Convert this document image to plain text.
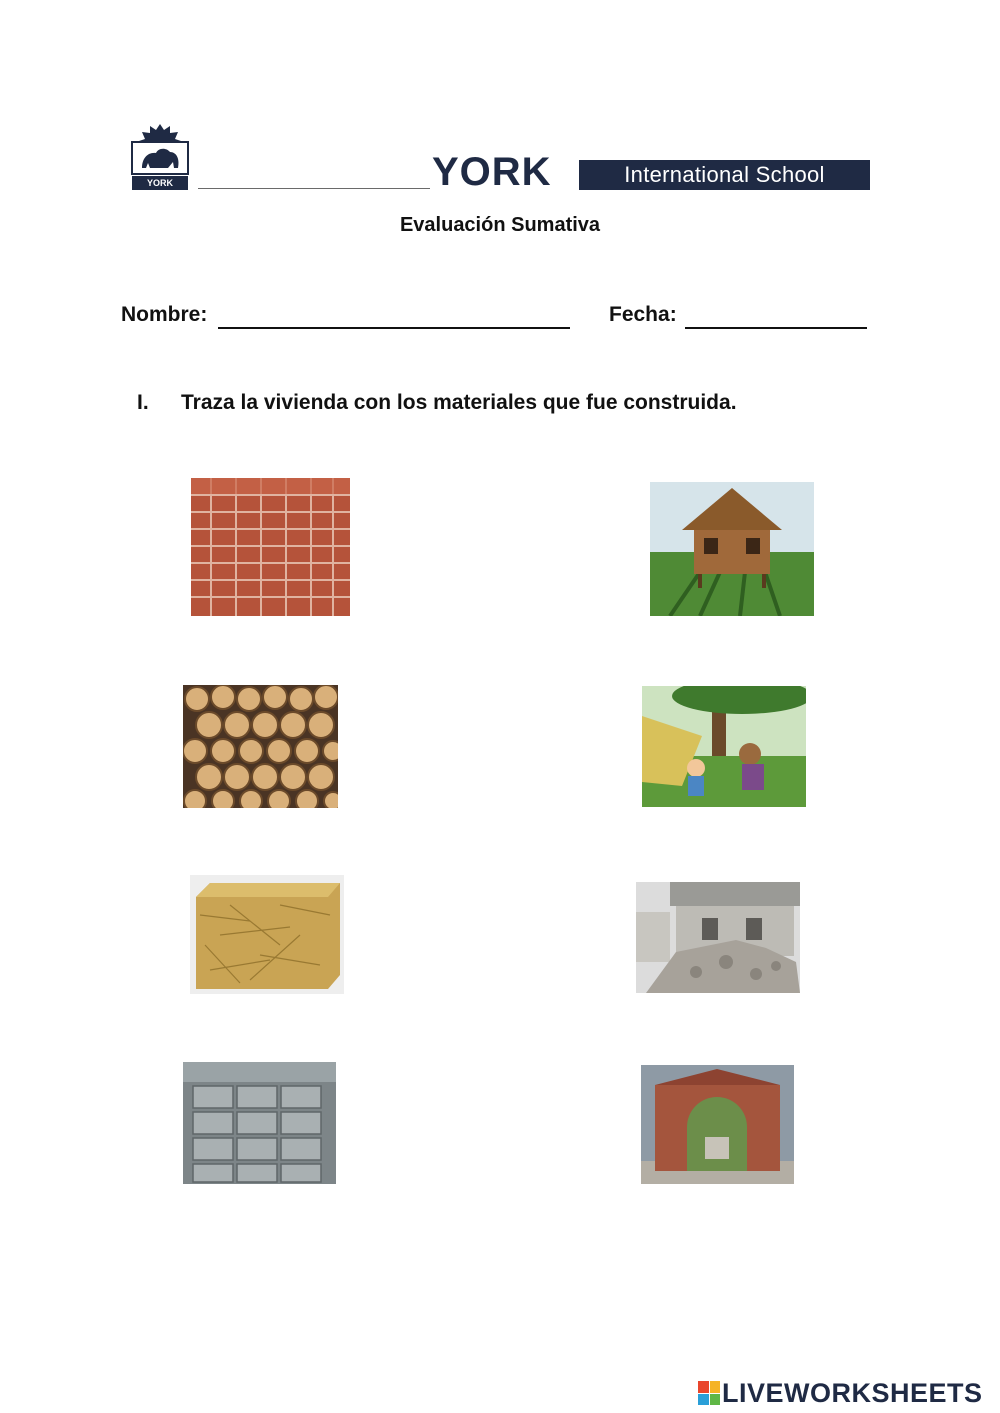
YORK	YORK	International School
Evaluación Sumativa
Nombre:	Fecha:
I. Traza la vivienda con los materiales que fue construida.
LIVEWORKSHEETS
